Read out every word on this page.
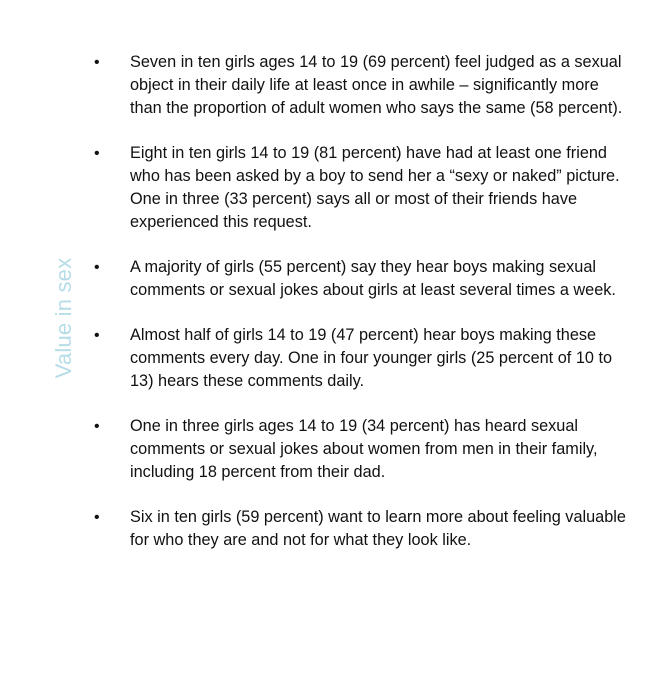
Value in sex
•	Seven in ten girls ages 14 to 19 (69 percent) feel judged as a sexual object in their daily life at least once in awhile – significantly more than the proportion of adult women who says the same (58 percent).
•	Eight in ten girls 14 to 19 (81 percent) have had at least one friend who has been asked by a boy to send her a “sexy or naked” picture. One in three (33 percent) says all or most of their friends have experienced this request.
•	A majority of girls (55 percent) say they hear boys making sexual comments or sexual jokes about girls at least several times a week.
•	Almost half of girls 14 to 19 (47 percent) hear boys making these comments every day. One in four younger girls (25 percent of 10 to 13) hears these comments daily.
•	One in three girls ages 14 to 19 (34 percent) has heard sexual comments or sexual jokes about women from men in their family, including 18 percent from their dad.
•	Six in ten girls (59 percent) want to learn more about feeling valuable for who they are and not for what they look like.
